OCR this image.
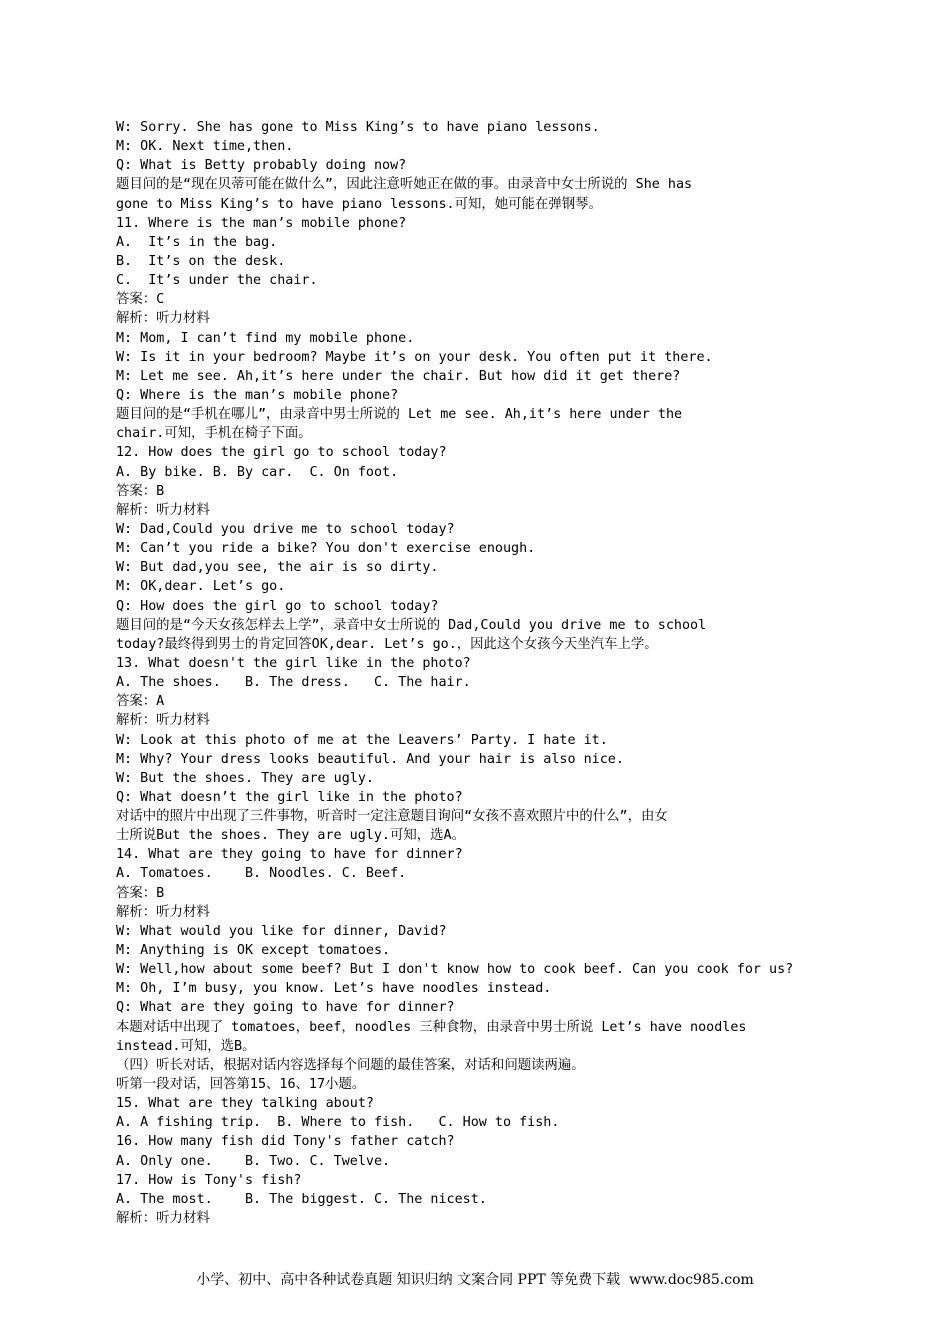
W: Sorry. She has gone to Miss King’s to have piano lessons.
M: OK. Next time,then.
Q: What is Betty probably doing now?
题目问的是“现在贝蒂可能在做什么”，因此注意听她正在做的事。由录音中女士所说的 She has
gone to Miss King’s to have piano lessons.可知，她可能在弹钢琴。
11. Where is the man’s mobile phone?
A.  It’s in the bag.
B.  It’s on the desk.
C.  It’s under the chair.
答案：C
解析：听力材料
M: Mom, I can’t find my mobile phone.
W: Is it in your bedroom? Maybe it’s on your desk. You often put it there.
M: Let me see. Ah,it’s here under the chair. But how did it get there?
Q: Where is the man’s mobile phone?
题目问的是“手机在哪儿”，由录音中男士所说的 Let me see. Ah,it’s here under the
chair.可知，手机在椅子下面。
12. How does the girl go to school today?
A. By bike. B. By car.  C. On foot.
答案：B
解析：听力材料
W: Dad,Could you drive me to school today?
M: Can’t you ride a bike? You don't exercise enough.
W: But dad,you see, the air is so dirty.
M: OK,dear. Let’s go.
Q: How does the girl go to school today?
题目问的是“今天女孩怎样去上学”，录音中女士所说的 Dad,Could you drive me to school
today?最终得到男士的肯定回答OK,dear. Let’s go.，因此这个女孩今天坐汽车上学。
13. What doesn't the girl like in the photo?
A. The shoes.   B. The dress.   C. The hair.
答案：A
解析：听力材料
W: Look at this photo of me at the Leavers’ Party. I hate it.
M: Why? Your dress looks beautiful. And your hair is also nice.
W: But the shoes. They are ugly.
Q: What doesn’t the girl like in the photo?
对话中的照片中出现了三件事物，听音时一定注意题目询问“女孩不喜欢照片中的什么”，由女
士所说But the shoes. They are ugly.可知，选A。
14. What are they going to have for dinner?
A. Tomatoes.    B. Noodles. C. Beef.
答案：B
解析：听力材料
W: What would you like for dinner, David?
M: Anything is OK except tomatoes.
W: Well,how about some beef? But I don't know how to cook beef. Can you cook for us?
M: Oh, I’m busy, you know. Let’s have noodles instead.
Q: What are they going to have for dinner?
本题对话中出现了 tomatoes，beef，noodles 三种食物，由录音中男士所说 Let’s have noodles
instead.可知，选B。
（四）听长对话，根据对话内容选择每个问题的最佳答案，对话和问题读两遍。
听第一段对话，回答第15、16、17小题。
15. What are they talking about?
A. A fishing trip.  B. Where to fish.   C. How to fish.
16. How many fish did Tony's father catch?
A. Only one.    B. Two. C. Twelve.
17. How is Tony's fish?
A. The most.    B. The biggest. C. The nicest.
解析：听力材料
小学、初中、高中各种试卷真题 知识归纳 文案合同 PPT 等免费下载  www.doc985.com
